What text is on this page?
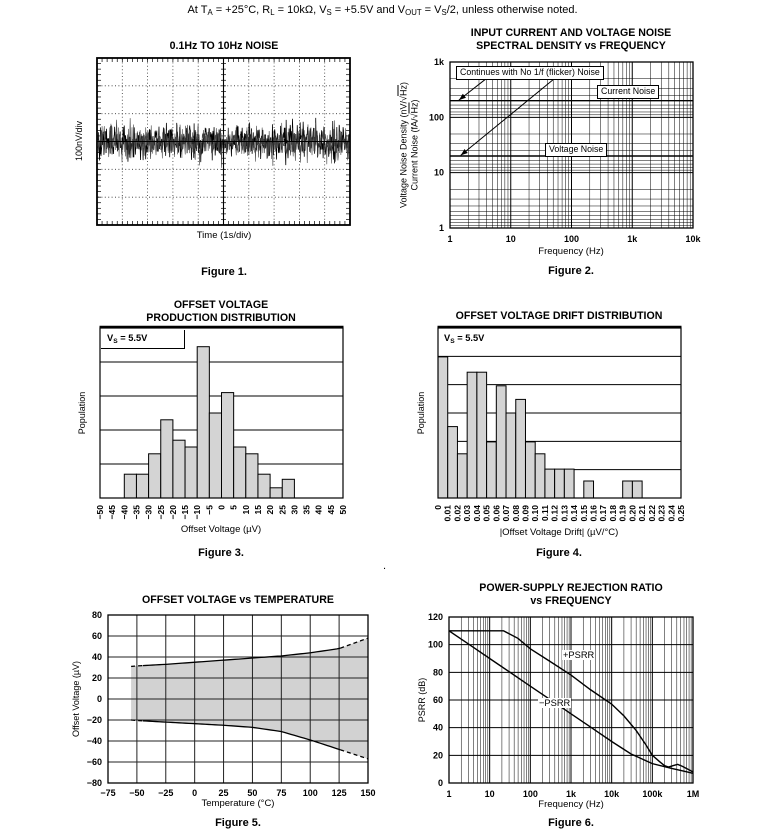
At $T_A = +25^\circ C$, $R_L = 10k\Omega$, $V_S = +5.5V$ and $V_{OUT} = V_S/2$, unless otherwise noted.
.
0.1Hz TO 10Hz NOISE
100nV/div
Time (1s/div)
Figure 1.
INPUT CURRENT AND VOLTAGE NOISE
SPECTRAL DENSITY vs FREQUENCY
Voltage Noise Density (nV/√Hz)
Current Noise (fA/√Hz)
Frequency (Hz)
Figure 2.
Continues with No 1/f (flicker) Noise
Current Noise
Voltage Noise
OFFSET VOLTAGE
PRODUCTION DISTRIBUTION
Population
Offset Voltage (µV)
Figure 3.
$V_S = 5.5V$
OFFSET VOLTAGE DRIFT DISTRIBUTION
Population
|Offset Voltage Drift| (µV/°C)
Figure 4.
$V_S = 5.5V$
OFFSET VOLTAGE vs TEMPERATURE
Offset Voltage (µV)
Temperature (°C)
Figure 5.
POWER-SUPPLY REJECTION RATIO
vs FREQUENCY
PSRR (dB)
Frequency (Hz)
Figure 6.
+PSRR
−PSRR
1	10	100	1k	10k
1k
100
10
1
−50 −45 −40 −35 −30 −25 −20 −15 −10 −5 0 5 10 15 20 25 30 35 40 45 50	0 0.01 0.02 0.03 0.04 0.05 0.06 0.07 0.08 0.09 0.10 0.11 0.12 0.13 0.14 0.15 0.16 0.17 0.18 0.19 0.20 0.21 0.22 0.23 0.24 0.25
−75 −50 −25 0 25 50 75 100 125 150
80
60
40
20
0
−20
−40
−60
−80
1	10	100	1k	10k	100k	1M
120
100
80
60
40
20
0
